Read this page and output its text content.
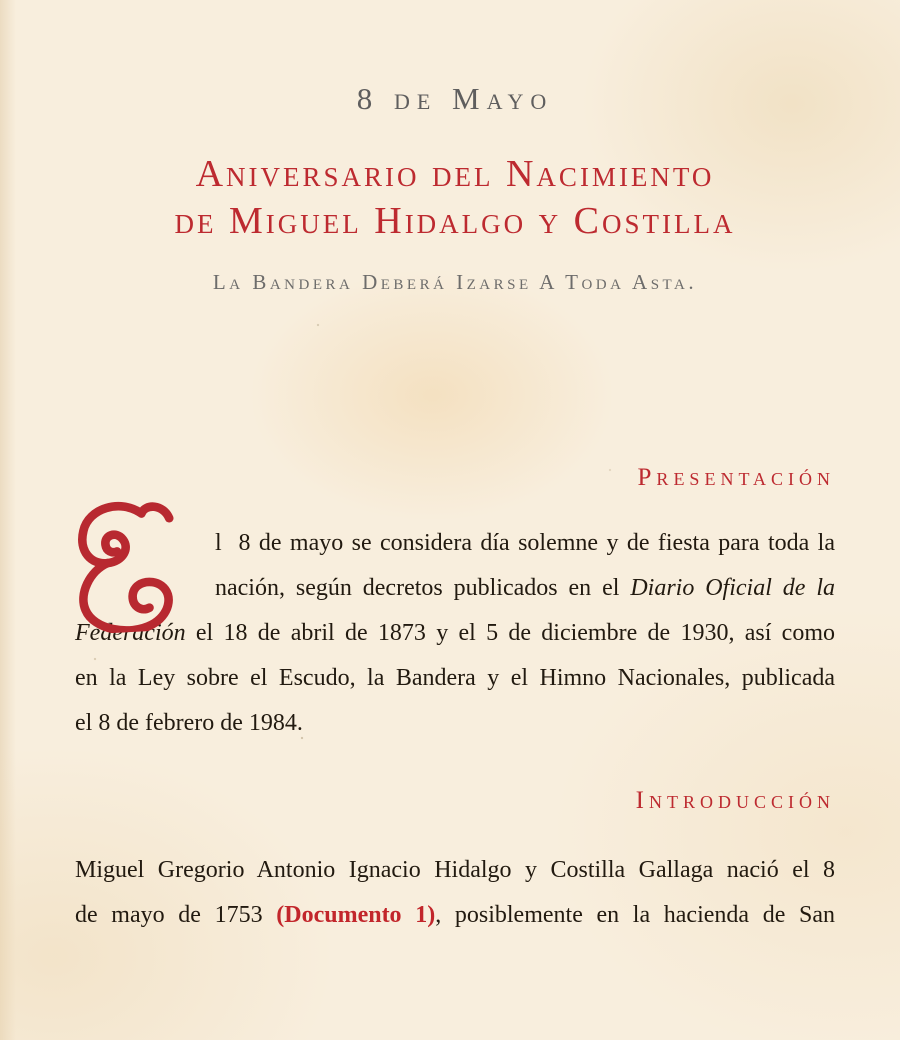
8 de Mayo
Aniversario del Nacimiento
de Miguel Hidalgo y Costilla
La Bandera Deberá Izarse A Toda Asta.
Presentación
l  8 de mayo se considera día solemne y de fiesta para toda la
nación, según decretos publicados en el Diario Oficial de la
Federación el 18 de abril de 1873 y el 5 de diciembre de 1930, así como
en la Ley sobre el Escudo, la Bandera y el Himno Nacionales, publicada
el 8 de febrero de 1984.
Introducción
Miguel Gregorio Antonio Ignacio Hidalgo y Costilla Gallaga nació el 8
de mayo de 1753 (Documento 1), posiblemente en la hacienda de San
